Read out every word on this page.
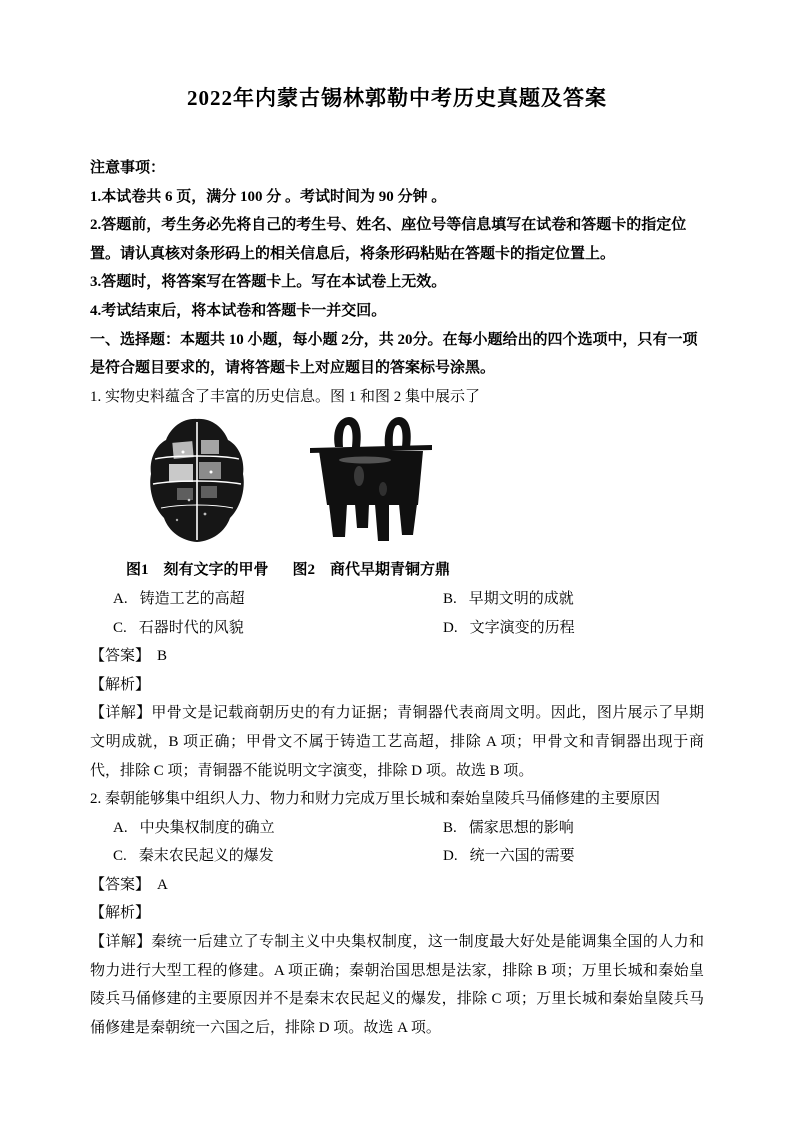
2022年内蒙古锡林郭勒中考历史真题及答案

注意事项：

1.本试卷共 6 页，满分 100 分 。考试时间为 90 分钟 。

2.答题前，考生务必先将自己的考生号、姓名、座位号等信息填写在试卷和答题卡的指定位置。请认真核对条形码上的相关信息后，将条形码粘贴在答题卡的指定位置上。

3.答题时，将答案写在答题卡上。写在本试卷上无效。

4.考试结束后，将本试卷和答题卡一并交回。

一、选择题：本题共 10 小题，每小题 2分，共 20分。在每小题给出的四个选项中，只有一项是符合题目要求的，请将答题卡上对应题目的答案标号涂黑。

1. 实物史料蕴含了丰富的历史信息。图 1 和图 2 集中展示了

图1　刻有文字的甲骨 图2　商代早期青铜方鼎
A. 铸造工艺的高超	B. 早期文明的成就
C. 石器时代的风貌	D. 文字演变的历程

【答案】 B

【解析】

【详解】甲骨文是记载商朝历史的有力证据；青铜器代表商周文明。因此，图片展示了早期文明成就，B 项正确；甲骨文不属于铸造工艺高超，排除 A 项；甲骨文和青铜器出现于商代，排除 C 项；青铜器不能说明文字演变，排除 D 项。故选 B 项。

2. 秦朝能够集中组织人力、物力和财力完成万里长城和秦始皇陵兵马俑修建的主要原因

A. 中央集权制度的确立	B. 儒家思想的影响
C. 秦末农民起义的爆发	D. 统一六国的需要

【答案】 A

【解析】

【详解】秦统一后建立了专制主义中央集权制度，这一制度最大好处是能调集全国的人力和物力进行大型工程的修建。A 项正确；秦朝治国思想是法家，排除 B 项；万里长城和秦始皇陵兵马俑修建的主要原因并不是秦末农民起义的爆发，排除 C 项；万里长城和秦始皇陵兵马俑修建是秦朝统一六国之后，排除 D 项。故选 A 项。
